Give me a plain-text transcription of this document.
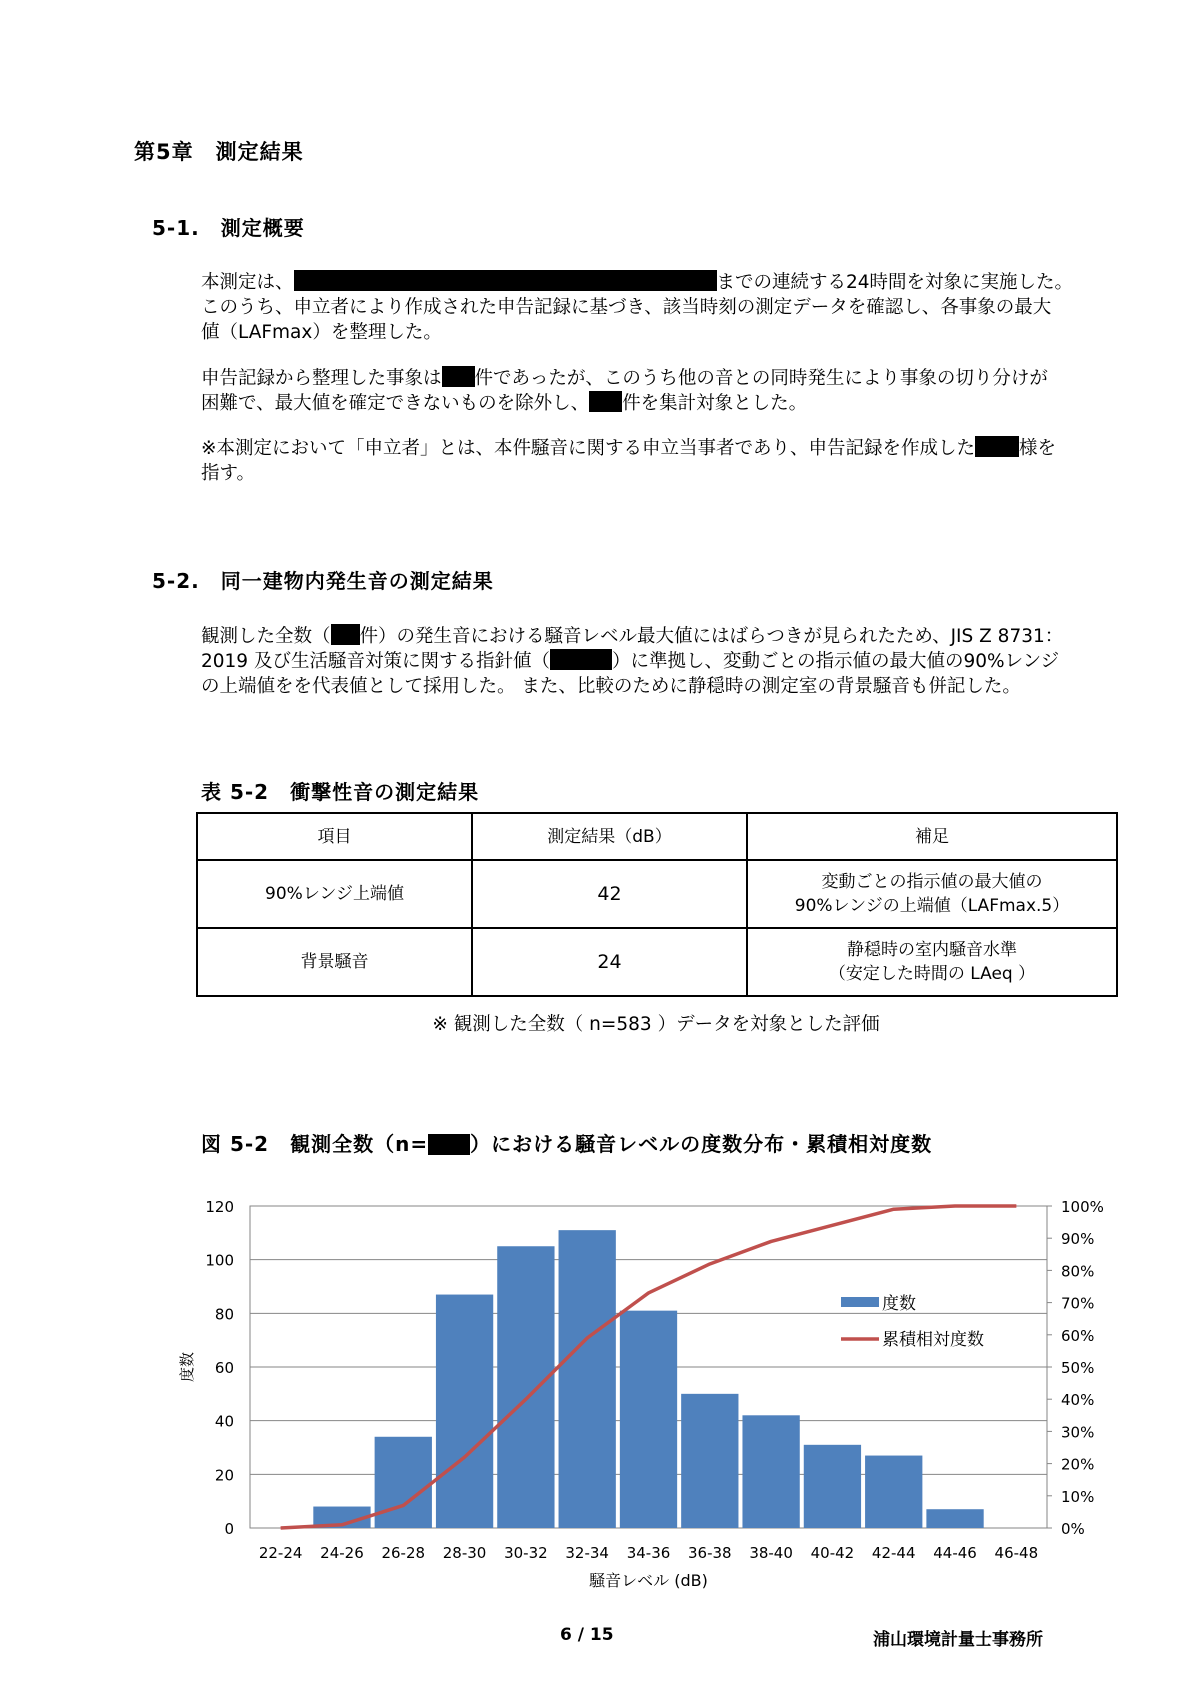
第5章　測定結果
5-1.　測定概要

本測定は、	までの連続する24時間を対象に実施した。
このうち、申立者により作成された申告記録に基づき、該当時刻の測定データを確認し、各事象の最大
値（LAFmax）を整理した。

申告記録から整理した事象は 件であったが、このうち他の音との同時発生により事象の切り分けが
困難で、最大値を確定できないものを除外し、 件を集計対象とした。

※本測定において「申立者」とは、本件騒音に関する申立当事者であり、申告記録を作成した 様を
指す。

5-2.　同一建物内発生音の測定結果

観測した全数（ 件）の発生音における騒音レベル最大値にはばらつきが見られたため、JIS Z 8731：
2019 及び生活騒音対策に関する指針値（	）に準拠し、変動ごとの指示値の最大値の90%レンジ
の上端値をを代表値として採用した。 また、比較のために静穏時の測定室の背景騒音も併記した。

表 5-2　衝撃性音の測定結果
項目	測定結果（dB）	補足
90%レンジ上端値	42	変動ごとの指示値の最大値の
90%レンジの上端値（LAFmax.5）
背景騒音	24	静穏時の室内騒音水準
（安定した時間の LAeq ）
※ 観測した全数（ n=583 ）データを対象とした評価
図 5-2　観測全数（n= ）における騒音レベルの度数分布・累積相対度数
0
20
40
60
80
100
120
0%
10%
20%
30%
40%
50%
60%
70%
80%
90%
100%
22-24 24-26 26-28 28-30 30-32 32-34 34-36 36-38 38-40 40-42 42-44 44-46 46-48
度数
騒音レベル (dB)
度数
累積相対度数
6 / 15	浦山環境計量士事務所
